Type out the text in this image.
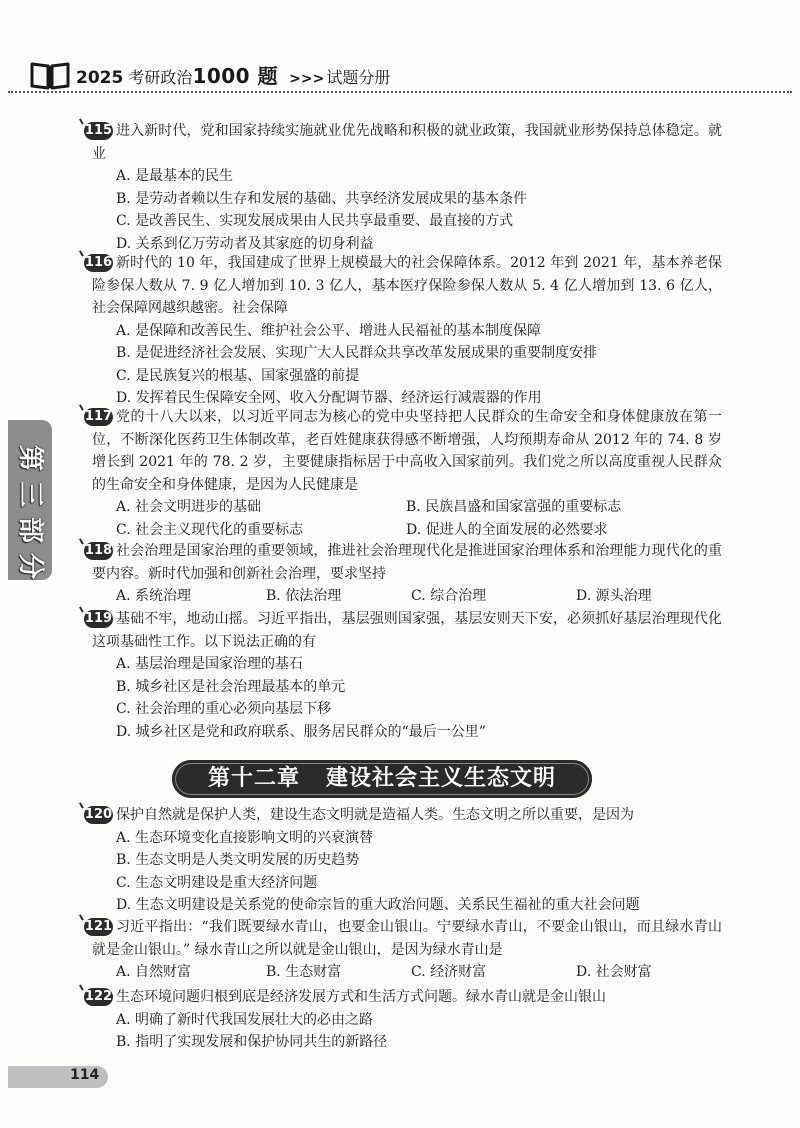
2025 考研政治1000 题 >>> 试题分册
第
三
部
分
115 进入新时代，党和国家持续实施就业优先战略和积极的就业政策，我国就业形势保持总体稳定。就业

A. 是最基本的民生
B. 是劳动者赖以生存和发展的基础、共享经济发展成果的基本条件
C. 是改善民生、实现发展成果由人民共享最重要、最直接的方式
D. 关系到亿万劳动者及其家庭的切身利益
116 新时代的 10 年，我国建成了世界上规模最大的社会保障体系。2012 年到 2021 年，基本养老保险参保人数从 7. 9 亿人增加到 10. 3 亿人，基本医疗保险参保人数从 5. 4 亿人增加到 13. 6 亿人，社会保障网越织越密。社会保障

A. 是保障和改善民生、维护社会公平、增进人民福祉的基本制度保障
B. 是促进经济社会发展、实现广大人民群众共享改革发展成果的重要制度安排
C. 是民族复兴的根基、国家强盛的前提
D. 发挥着民生保障安全网、收入分配调节器、经济运行减震器的作用
117 党的十八大以来，以习近平同志为核心的党中央坚持把人民群众的生命安全和身体健康放在第一位，不断深化医药卫生体制改革，老百姓健康获得感不断增强，人均预期寿命从 2012 年的 74. 8 岁增长到 2021 年的 78. 2 岁，主要健康指标居于中高收入国家前列。我们党之所以高度重视人民群众的生命安全和身体健康，是因为人民健康是

A. 社会文明进步的基础	B. 民族昌盛和国家富强的重要标志
C. 社会主义现代化的重要标志	D. 促进人的全面发展的必然要求
118 社会治理是国家治理的重要领域，推进社会治理现代化是推进国家治理体系和治理能力现代化的重要内容。新时代加强和创新社会治理，要求坚持

A. 系统治理	B. 依法治理	C. 综合治理	D. 源头治理
119 基础不牢，地动山摇。习近平指出，基层强则国家强，基层安则天下安，必须抓好基层治理现代化这项基础性工作。以下说法正确的有

A. 基层治理是国家治理的基石
B. 城乡社区是社会治理最基本的单元
C. 社会治理的重心必须向基层下移
D. 城乡社区是党和政府联系、服务居民群众的“最后一公里”
120 保护自然就是保护人类，建设生态文明就是造福人类。生态文明之所以重要，是因为

A. 生态环境变化直接影响文明的兴衰演替
B. 生态文明是人类文明发展的历史趋势
C. 生态文明建设是重大经济问题
D. 生态文明建设是关系党的使命宗旨的重大政治问题、关系民生福祉的重大社会问题
121 习近平指出：“我们既要绿水青山，也要金山银山。宁要绿水青山，不要金山银山，而且绿水青山就是金山银山。” 绿水青山之所以就是金山银山，是因为绿水青山是

A. 自然财富	B. 生态财富	C. 经济财富	D. 社会财富
122 生态环境问题归根到底是经济发展方式和生活方式问题。绿水青山就是金山银山

A. 明确了新时代我国发展壮大的必由之路
B. 指明了实现发展和保护协同共生的新路径
第十二章 建设社会主义生态文明
114
